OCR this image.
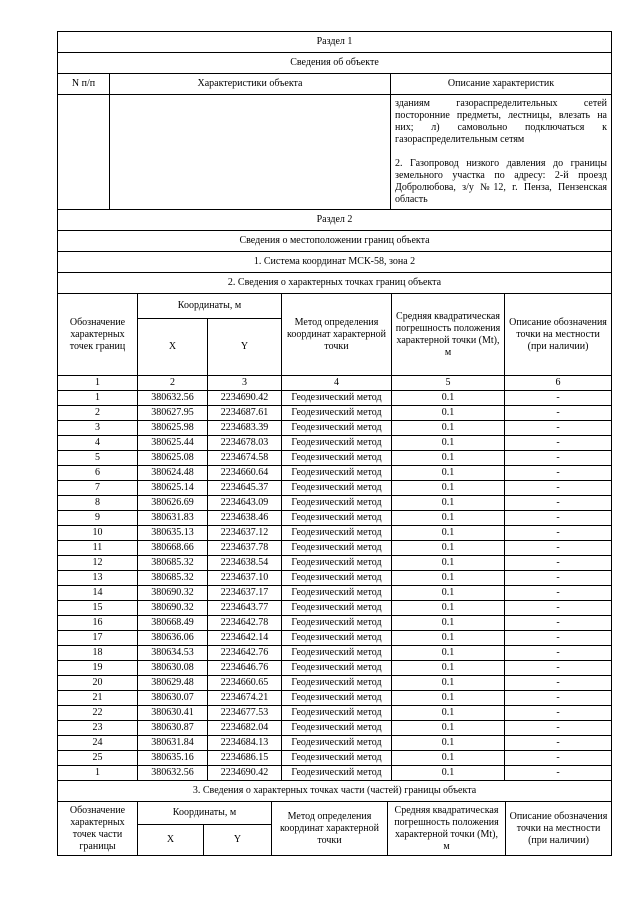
Раздел 1		
Сведения об объекте		
N п/п	Характеристики объекта	Описание характеристик

		зданиям газораспределительных сетей посторонние предметы, лестницы, влезать на них; л) самовольно подключаться к газораспределительным сетям

2. Газопровод низкого давления до границы земельного участка по адресу: 2-й проезд Добролюбова, з/у №12, г. Пенза, Пензенская область

Раздел 2					
Сведения о местоположении границ объекта					
1. Система координат МСК-58, зона 2					
2. Сведения о характерных точках границ объекта					
Обозначение характерных точек границ	Координаты, м		Метод определения координат характерной точки	Средняя квадратическая погрешность положения характерной точки (Mt), м	Описание обозначения точки на местности (при наличии)
	X	Y			
1	2	3	4	5	6
1	380632.56	2234690.42	Геодезический метод	0.1	-
2	380627.95	2234687.61	Геодезический метод	0.1	-
3	380625.98	2234683.39	Геодезический метод	0.1	-
4	380625.44	2234678.03	Геодезический метод	0.1	-
5	380625.08	2234674.58	Геодезический метод	0.1	-
6	380624.48	2234660.64	Геодезический метод	0.1	-
7	380625.14	2234645.37	Геодезический метод	0.1	-
8	380626.69	2234643.09	Геодезический метод	0.1	-
9	380631.83	2234638.46	Геодезический метод	0.1	-
10	380635.13	2234637.12	Геодезический метод	0.1	-
11	380668.66	2234637.78	Геодезический метод	0.1	-
12	380685.32	2234638.54	Геодезический метод	0.1	-
13	380685.32	2234637.10	Геодезический метод	0.1	-
14	380690.32	2234637.17	Геодезический метод	0.1	-
15	380690.32	2234643.77	Геодезический метод	0.1	-
16	380668.49	2234642.78	Геодезический метод	0.1	-
17	380636.06	2234642.14	Геодезический метод	0.1	-
18	380634.53	2234642.76	Геодезический метод	0.1	-
19	380630.08	2234646.76	Геодезический метод	0.1	-
20	380629.48	2234660.65	Геодезический метод	0.1	-
21	380630.07	2234674.21	Геодезический метод	0.1	-
22	380630.41	2234677.53	Геодезический метод	0.1	-
23	380630.87	2234682.04	Геодезический метод	0.1	-
24	380631.84	2234684.13	Геодезический метод	0.1	-
25	380635.16	2234686.15	Геодезический метод	0.1	-
1	380632.56	2234690.42	Геодезический метод	0.1	-
3. Сведения о характерных точках части (частей) границы объекта					
Обозначение характерных точек части границы	Координаты, м		Метод определения координат характерной точки	Средняя квадратическая погрешность положения характерной точки (Mt), м	Описание обозначения точки на местности (при наличии)
	X	Y			
